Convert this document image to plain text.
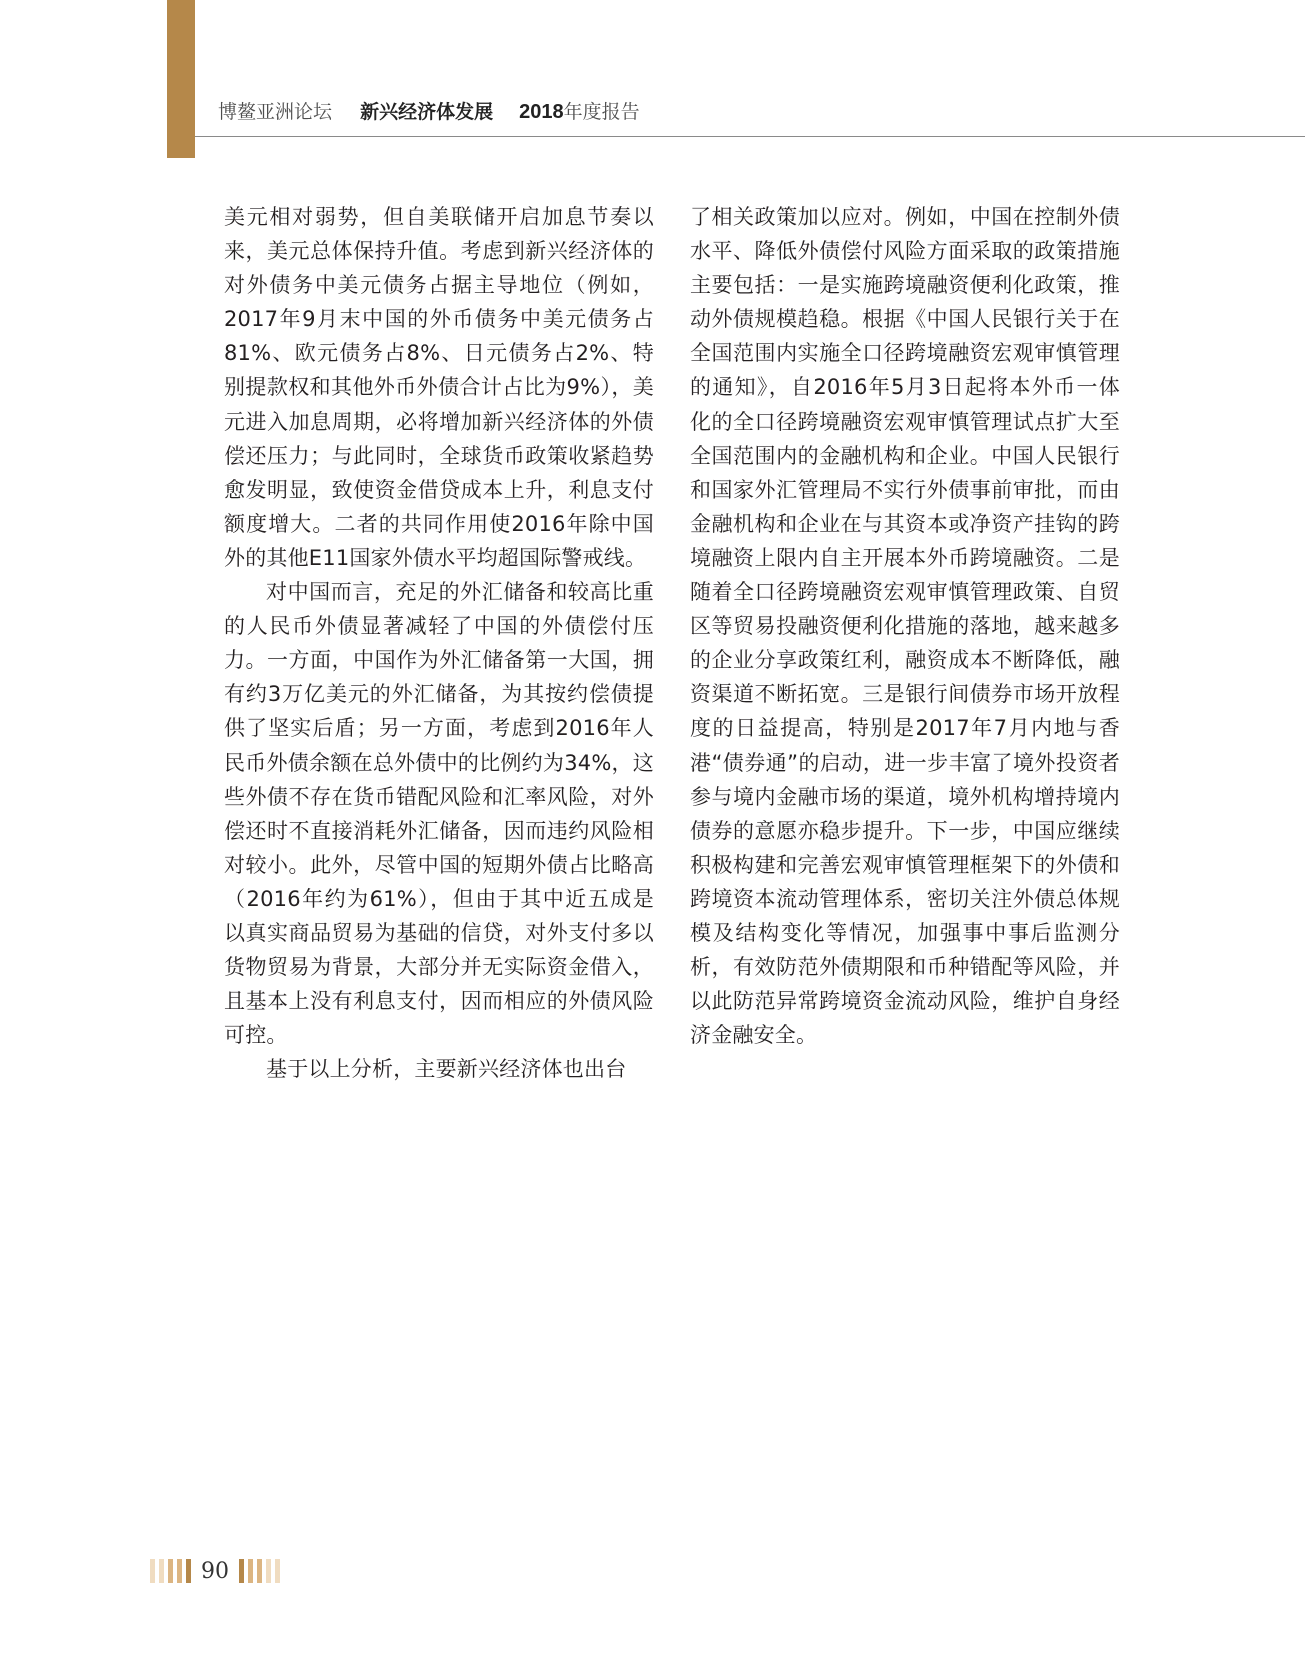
博鳌亚洲论坛 新兴经济体发展 2018年度报告

美元相对弱势，但自美联储开启加息节奏以来，美元总体保持升值。考虑到新兴经济体的对外债务中美元债务占据主导地位（例如，2017年9月末中国的外币债务中美元债务占81%、欧元债务占8%、日元债务占2%、特别提款权和其他外币外债合计占比为9%），美元进入加息周期，必将增加新兴经济体的外债偿还压力；与此同时，全球货币政策收紧趋势愈发明显，致使资金借贷成本上升，利息支付额度增大。二者的共同作用使2016年除中国外的其他E11国家外债水平均超国际警戒线。

对中国而言，充足的外汇储备和较高比重的人民币外债显著减轻了中国的外债偿付压力。一方面，中国作为外汇储备第一大国，拥有约3万亿美元的外汇储备，为其按约偿债提供了坚实后盾；另一方面，考虑到2016年人民币外债余额在总外债中的比例约为34%，这些外债不存在货币错配风险和汇率风险，对外偿还时不直接消耗外汇储备，因而违约风险相对较小。此外，尽管中国的短期外债占比略高（2016年约为61%），但由于其中近五成是以真实商品贸易为基础的信贷，对外支付多以货物贸易为背景，大部分并无实际资金借入，且基本上没有利息支付，因而相应的外债风险可控。

基于以上分析，主要新兴经济体也出台

了相关政策加以应对。例如，中国在控制外债水平、降低外债偿付风险方面采取的政策措施主要包括：一是实施跨境融资便利化政策，推动外债规模趋稳。根据《中国人民银行关于在全国范围内实施全口径跨境融资宏观审慎管理的通知》，自2016年5月3日起将本外币一体化的全口径跨境融资宏观审慎管理试点扩大至全国范围内的金融机构和企业。中国人民银行和国家外汇管理局不实行外债事前审批，而由金融机构和企业在与其资本或净资产挂钩的跨境融资上限内自主开展本外币跨境融资。二是随着全口径跨境融资宏观审慎管理政策、自贸区等贸易投融资便利化措施的落地，越来越多的企业分享政策红利，融资成本不断降低，融资渠道不断拓宽。三是银行间债券市场开放程度的日益提高，特别是2017年7月内地与香港“债券通”的启动，进一步丰富了境外投资者参与境内金融市场的渠道，境外机构增持境内债券的意愿亦稳步提升。下一步，中国应继续积极构建和完善宏观审慎管理框架下的外债和跨境资本流动管理体系，密切关注外债总体规模及结构变化等情况，加强事中事后监测分析，有效防范外债期限和币种错配等风险，并以此防范异常跨境资金流动风险，维护自身经济金融安全。

90
